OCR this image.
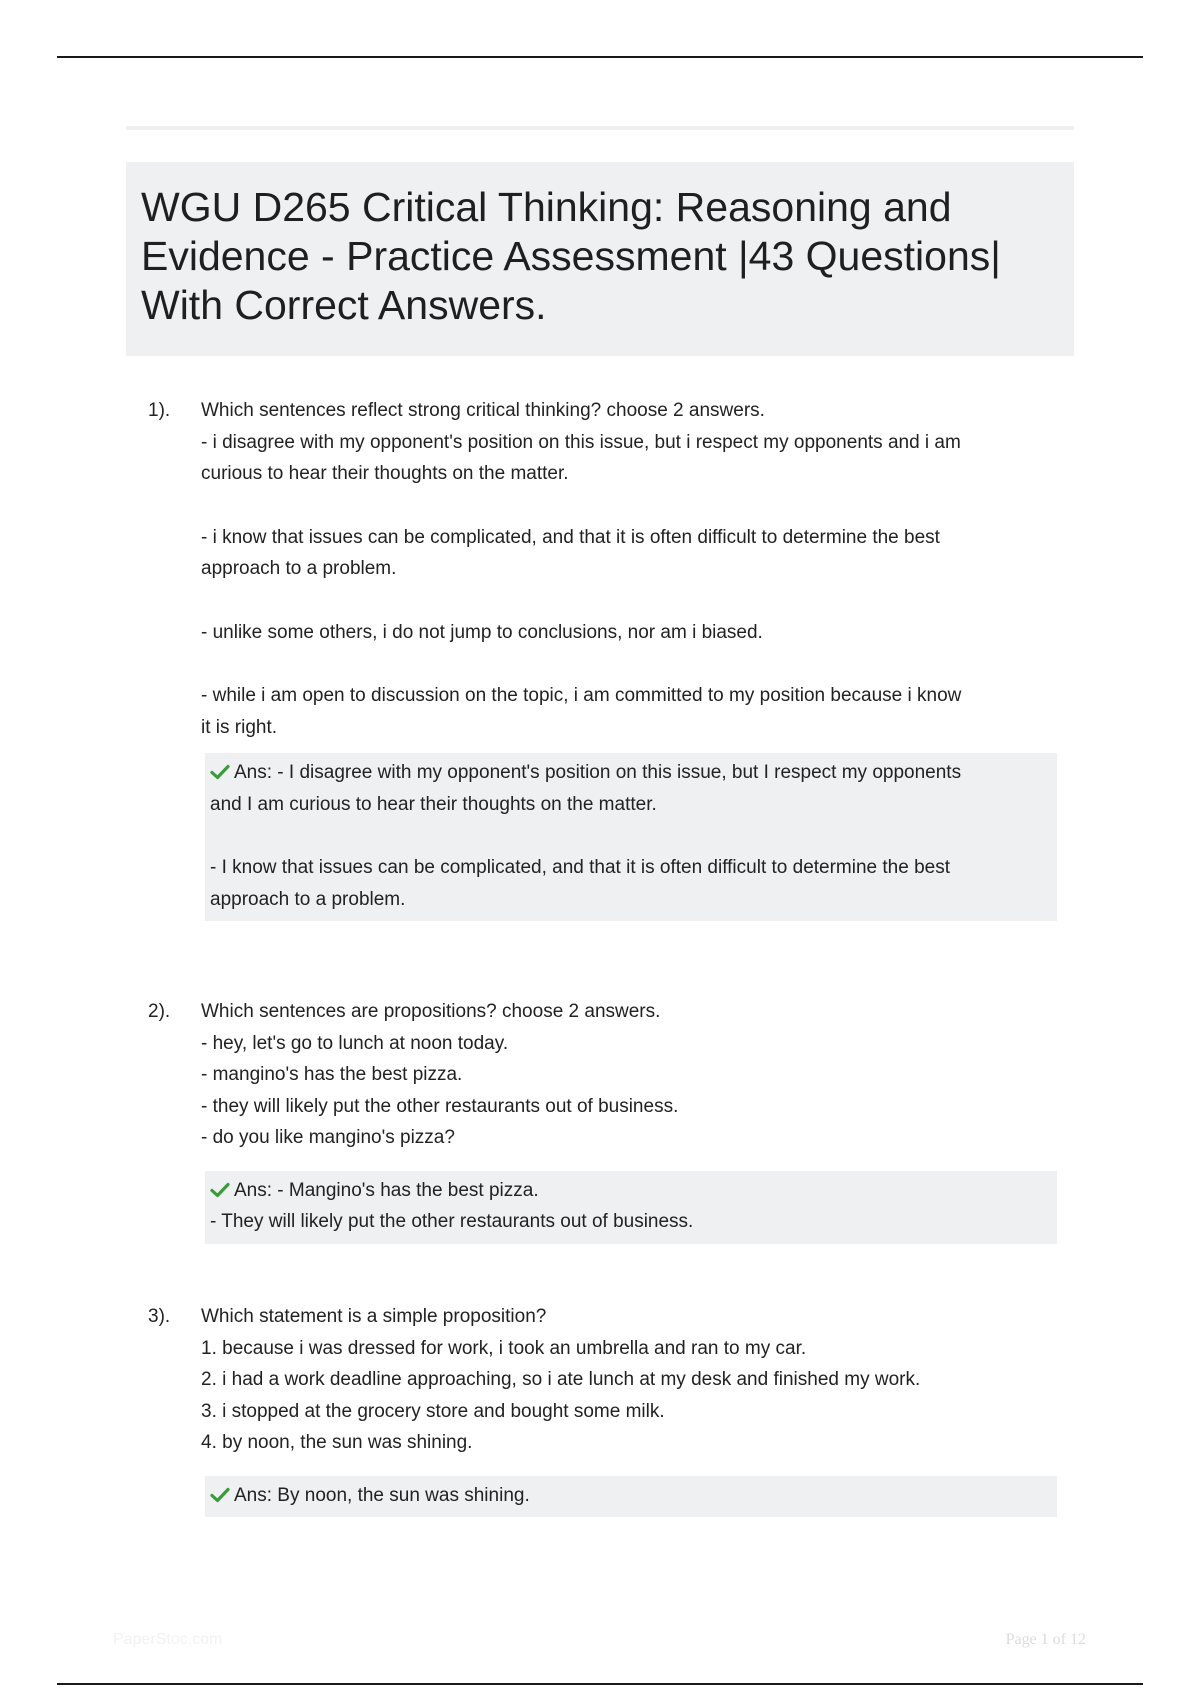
WGU D265 Critical Thinking: Reasoning and
Evidence - Practice Assessment |43 Questions|
With Correct Answers.
1). Which sentences reflect strong critical thinking? choose 2 answers.
- i disagree with my opponent's position on this issue, but i respect my opponents and i am
curious to hear their thoughts on the matter.
- i know that issues can be complicated, and that it is often difficult to determine the best
approach to a problem.
- unlike some others, i do not jump to conclusions, nor am i biased.
- while i am open to discussion on the topic, i am committed to my position because i know
it is right.
Ans: - I disagree with my opponent's position on this issue, but I respect my opponents
and I am curious to hear their thoughts on the matter.
- I know that issues can be complicated, and that it is often difficult to determine the best
approach to a problem.
2). Which sentences are propositions? choose 2 answers.
- hey, let's go to lunch at noon today.
- mangino's has the best pizza.
- they will likely put the other restaurants out of business.
- do you like mangino's pizza?
Ans: - Mangino's has the best pizza.
- They will likely put the other restaurants out of business.
3). Which statement is a simple proposition?
1. because i was dressed for work, i took an umbrella and ran to my car.
2. i had a work deadline approaching, so i ate lunch at my desk and finished my work.
3. i stopped at the grocery store and bought some milk.
4. by noon, the sun was shining.
Ans: By noon, the sun was shining.
PaperStoc.com	Page 1 of 12
